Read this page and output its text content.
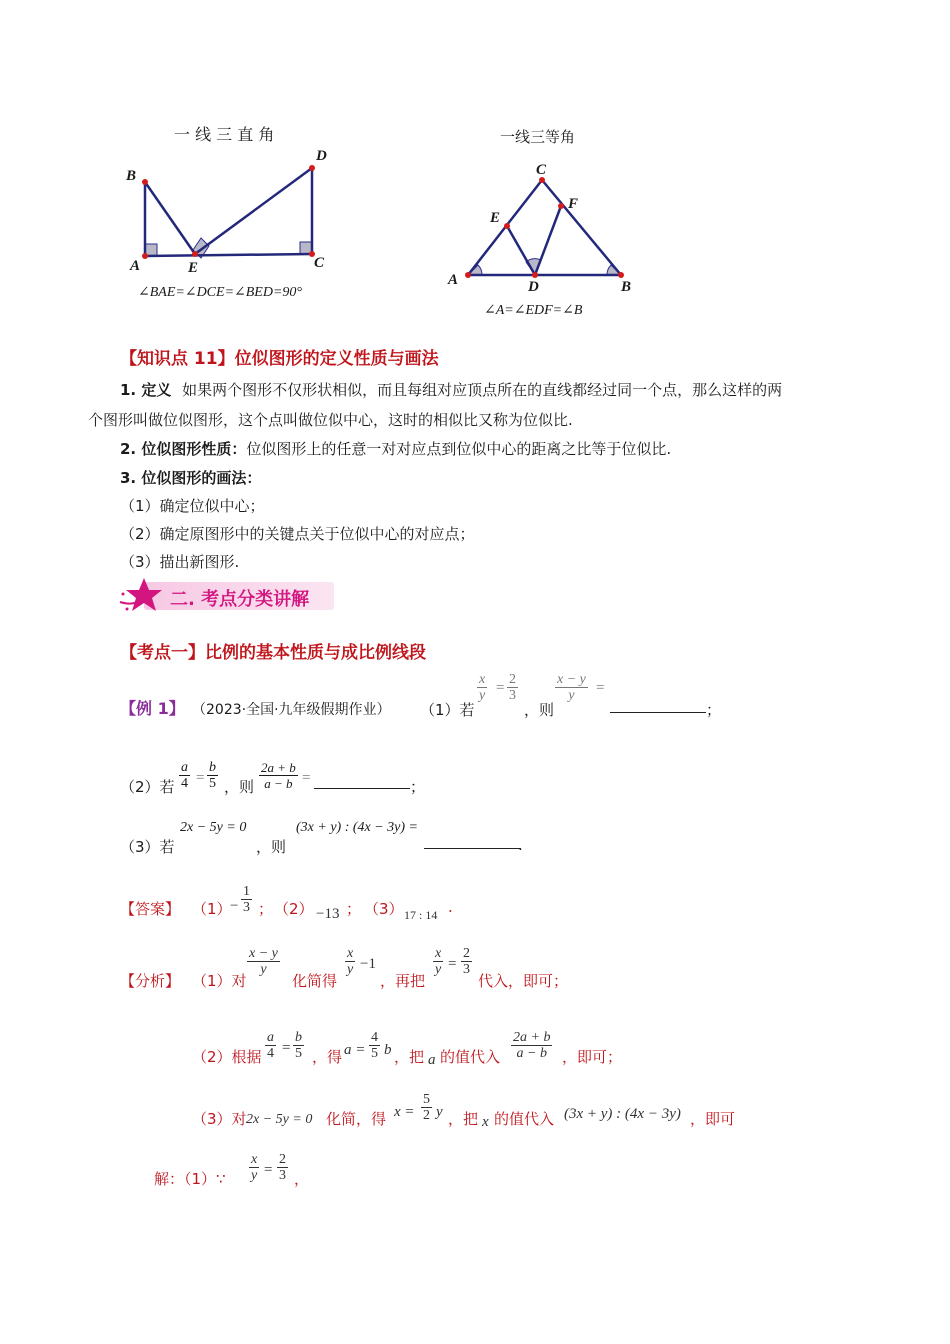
一 线 三 直 角
B
D
A	E	C
∠BAE=∠DCE=∠BED=90°
一线三等角
C
F
E
A	D	B
∠A=∠EDF=∠B
【知识点 11】位似图形的定义性质与画法
1. 定义 如果两个图形不仅形状相似，而且每组对应顶点所在的直线都经过同一个点，那么这样的两
个图形叫做位似图形，这个点叫做位似中心，这时的相似比又称为位似比.
2. 位似图形性质：位似图形上的任意一对对应点到位似中心的距离之比等于位似比.
3. 位似图形的画法：
（1）确定位似中心；
（2）确定原图形中的关键点关于位似中心的对应点；
（3）描出新图形.
二. 考点分类讲解
【考点一】比例的基本性质与成比例线段
【例 1】 （2023·全国·九年级假期作业） （1）若
$\frac{x}{y} = \frac{2}{3}$
，则
$\frac{x - y}{y}$ =
；
（2）若 $\frac{a}{4} = \frac{b}{5}$ ，则 $\frac{2a + b}{a - b}$ =	；
（3）若
2x − 5y = 0
，则
(3x + y) : (4x − 3y) =
.
【答案】 （1）
− $\frac{1}{3}$ ； （2） −13 ； （3） 17 : 14 .
【分析】 （1）对
$\frac{x - y}{y}$
化简得
$\frac{x}{y} -1$
，再把
$\frac{x}{y} = \frac{2}{3}$
代入，即可；
（2）根据 $\frac{a}{4} = \frac{b}{5}$ ，得 $a = \frac{4}{5}$ b ，把 a 的值代入 $\frac{2a + b}{a - b}$ ，即可；
（3）对 2x − 5y = 0 化简，得 $x = \frac{5}{2}$ y ，把 x 的值代入 (3x + y) : (4x − 3y) ，即可
解：（1）∵ $\frac{x}{y} = \frac{2}{3}$ ，
